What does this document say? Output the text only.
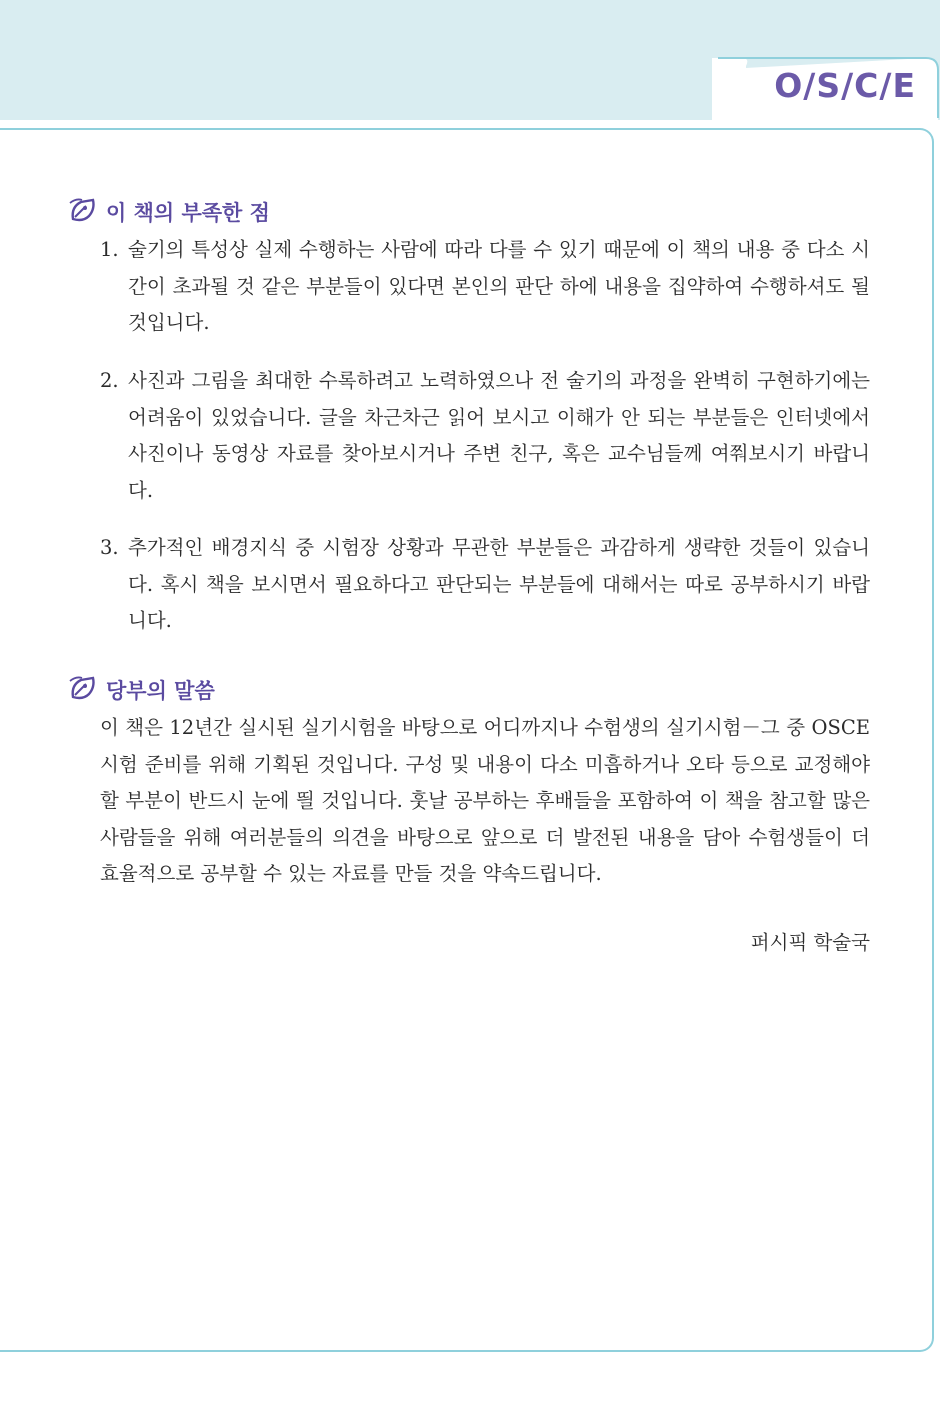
O/S/C/E
이 책의 부족한 점
1. 술기의 특성상 실제 수행하는 사람에 따라 다를 수 있기 때문에 이 책의 내용 중 다소 시간이 초과될 것 같은 부분들이 있다면 본인의 판단 하에 내용을 집약하여 수행하셔도 될 것입니다.
2. 사진과 그림을 최대한 수록하려고 노력하였으나 전 술기의 과정을 완벽히 구현하기에는 어려움이 있었습니다. 글을 차근차근 읽어 보시고 이해가 안 되는 부분들은 인터넷에서 사진이나 동영상 자료를 찾아보시거나 주변 친구, 혹은 교수님들께 여쭤보시기 바랍니다.
3. 추가적인 배경지식 중 시험장 상황과 무관한 부분들은 과감하게 생략한 것들이 있습니다. 혹시 책을 보시면서 필요하다고 판단되는 부분들에 대해서는 따로 공부하시기 바랍니다.
당부의 말씀
이 책은 12년간 실시된 실기시험을 바탕으로 어디까지나 수험생의 실기시험－그 중 OSCE 시험 준비를 위해 기획된 것입니다. 구성 및 내용이 다소 미흡하거나 오타 등으로 교정해야 할 부분이 반드시 눈에 띌 것입니다. 훗날 공부하는 후배들을 포함하여 이 책을 참고할 많은 사람들을 위해 여러분들의 의견을 바탕으로 앞으로 더 발전된 내용을 담아 수험생들이 더 효율적으로 공부할 수 있는 자료를 만들 것을 약속드립니다.
퍼시픽 학술국
